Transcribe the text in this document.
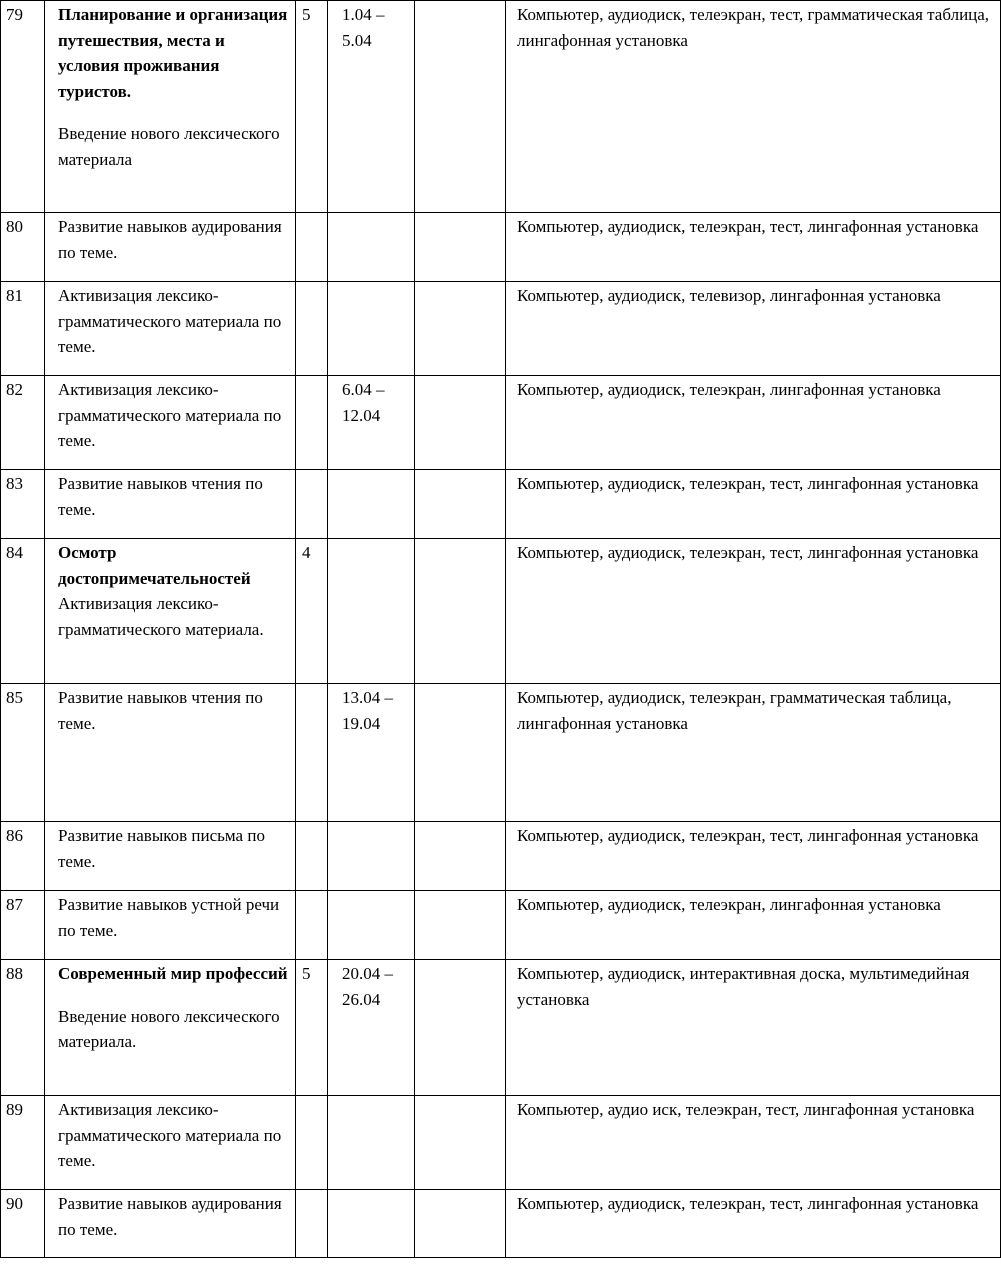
79	Планирование и организация путешествия, места и условия проживания туристов.
Введение нового лексического материала	5	1.04 – 5.04		Компьютер, аудиодиск, телеэкран, тест, грамматическая таблица, лингафонная установка
80	Развитие навыков аудирования по теме.				Компьютер, аудиодиск, телеэкран, тест, лингафонная установка
81	Активизация лексико-грамматического материала по теме.				Компьютер, аудиодиск, телевизор, лингафонная установка
82	Активизация лексико-грамматического материала по теме.		6.04 – 12.04		Компьютер, аудиодиск, телеэкран, лингафонная установка
83	Развитие навыков чтения по теме.				Компьютер, аудиодиск, телеэкран, тест, лингафонная установка
84	Осмотр достопримечательностей
Активизация лексико-грамматического материала.	4			Компьютер, аудиодиск, телеэкран, тест, лингафонная установка
85	Развитие навыков чтения по теме.		13.04 – 19.04		Компьютер, аудиодиск, телеэкран, грамматическая таблица, лингафонная установка
86	Развитие навыков письма по теме.				Компьютер, аудиодиск, телеэкран, тест, лингафонная установка
87	Развитие навыков устной речи по теме.				Компьютер, аудиодиск, телеэкран, лингафонная установка
88	Современный мир профессий
Введение нового лексического материала.	5	20.04 – 26.04		Компьютер, аудиодиск, интерактивная доска, мультимедийная установка
89	Активизация лексико-грамматического материала по теме.				Компьютер, аудио иск, телеэкран, тест, лингафонная установка
90	Развитие навыков аудирования по теме.				Компьютер, аудиодиск, телеэкран, тест, лингафонная установка
